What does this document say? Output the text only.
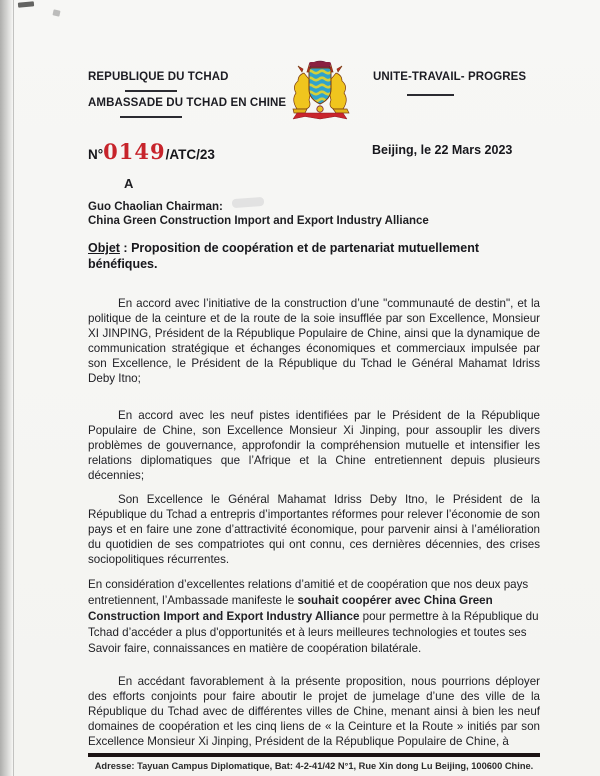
REPUBLIQUE DU TCHAD
AMBASSADE DU TCHAD EN CHINE
UNITE-TRAVAIL- PROGRES
N°0149/ATC/23	Beijing, le 22 Mars 2023
A
Guo Chaolian Chairman:
China Green Construction Import and Export Industry Alliance
Objet : Proposition de coopération et de partenariat mutuellement bénéfiques.
En accord avec l’initiative de la construction d’une "communauté de destin", et la politique de la ceinture et de la route de la soie insufflée par son Excellence, Monsieur XI JINPING, Président de la République Populaire de Chine, ainsi que la dynamique de communication stratégique et échanges économiques et commerciaux impulsée par son Excellence, le Président de la République du Tchad le Général Mahamat Idriss Deby Itno;
En accord avec les neuf pistes identifiées par le Président de la République Populaire de Chine, son Excellence Monsieur Xi Jinping, pour assouplir les divers problèmes de gouvernance, approfondir la compréhension mutuelle et intensifier les relations diplomatiques que l’Afrique et la Chine entretiennent depuis plusieurs décennies;
Son Excellence le Général Mahamat Idriss Deby Itno, le Président de la République du Tchad a entrepris d’importantes réformes pour relever l’économie de son pays et en faire une zone d’attractivité économique, pour parvenir ainsi à l’amélioration du quotidien de ses compatriotes qui ont connu, ces dernières décennies, des crises sociopolitiques récurrentes.
En considération d’excellentes relations d’amitié et de coopération que nos deux pays entretiennent, l’Ambassade manifeste le souhait coopérer avec China Green Construction Import and Export Industry Alliance pour permettre à la République du Tchad d’accéder a plus d'opportunités et à leurs meilleures technologies et toutes ses Savoir faire, connaissances en matière de coopération bilatérale.
En accédant favorablement à la présente proposition, nous pourrions déployer des efforts conjoints pour faire aboutir le projet de jumelage d’une des ville de la République du Tchad avec de différentes villes de Chine, menant ainsi à bien les neuf domaines de coopération et les cinq liens de « la Ceinture et la Route » initiés par son Excellence Monsieur Xi Jinping, Président de la République Populaire de Chine, à
Adresse: Tayuan Campus Diplomatique, Bat: 4-2-41/42 N°1, Rue Xin dong Lu Beijing, 100600 Chine.
